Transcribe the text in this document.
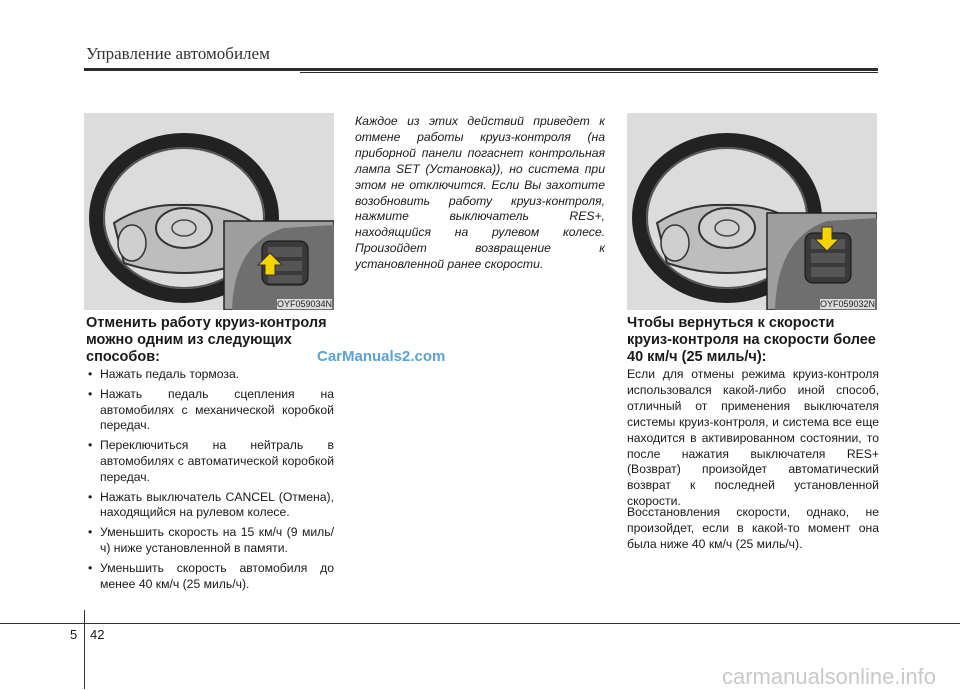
Управление автомобилем
OYF059034N
Отменить работу круиз-контроля можно одним из следующих способов:
• Нажать педаль тормоза.
• Нажать педаль сцепления на автомобилях с механической коробкой передач.
• Переключиться на нейтраль в автомобилях с автоматической коробкой передач.
• Нажать выключатель CANCEL (Отмена), находящийся на рулевом колесе.
• Уменьшить скорость на 15 км/ч (9 миль/ч) ниже установленной в памяти.
• Уменьшить скорость автомобиля до менее 40 км/ч (25 миль/ч).
Каждое из этих действий приведет к отмене работы круиз-контроля (на приборной панели погаснет контрольная лампа SET (Установка)), но система при этом не отключится. Если Вы захотите возобновить работу круиз-контроля, нажмите выключатель RES+, находящийся на рулевом колесе. Произойдет возвращение к установленной ранее скорости.
OYF059032N
Чтобы вернуться к скорости круиз-контроля на скорости более 40 км/ч (25 миль/ч):
Если для отмены режима круиз-контроля использовался какой-либо иной способ, отличный от применения выключателя системы круиз-контроля, и система все еще находится в активированном состоянии, то после нажатия выключателя RES+ (Возврат) произойдет автоматический возврат к последней установленной скорости.
Восстановления скорости, однако, не произойдет, если в какой-то момент она была ниже 40 км/ч (25 миль/ч).
CarManuals2.com
5 42
carmanualsonline.info
